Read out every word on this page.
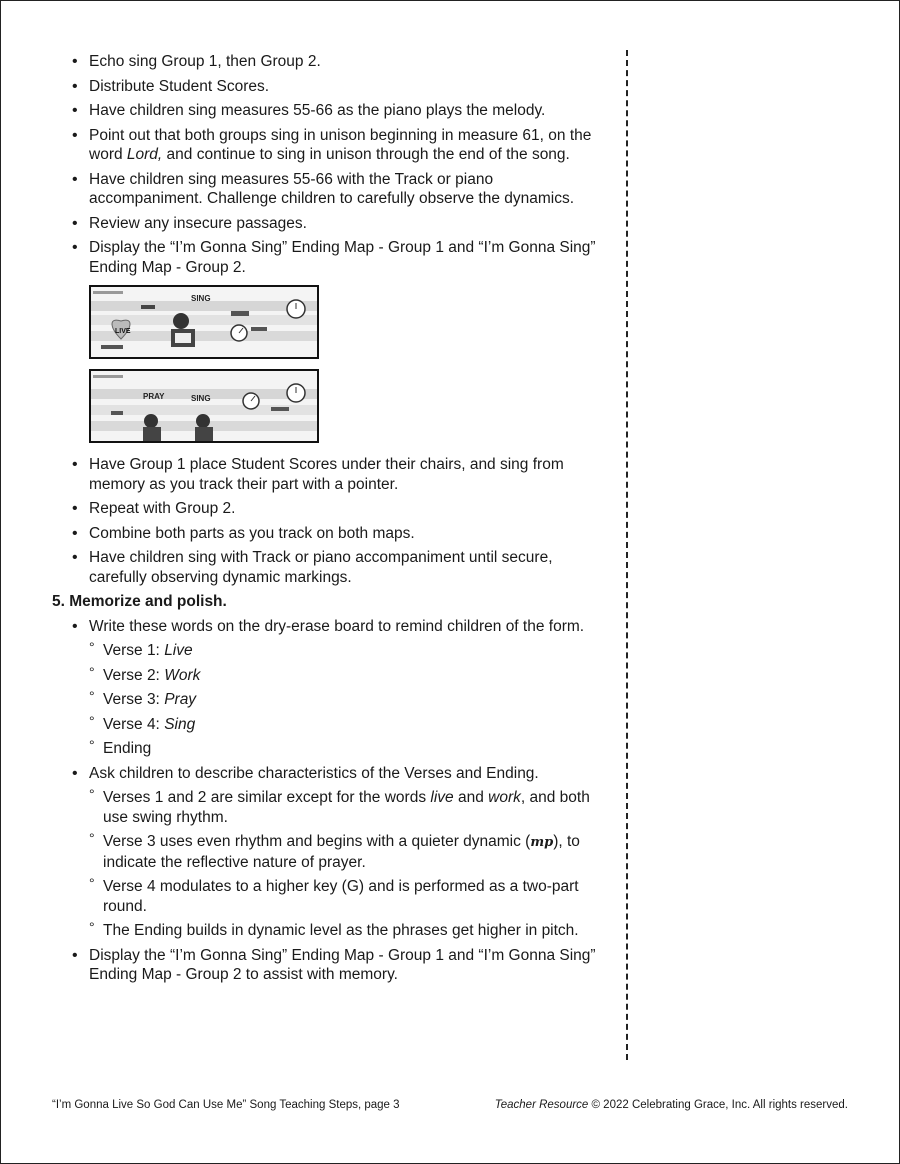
• Echo sing Group 1, then Group 2.
• Distribute Student Scores.
• Have children sing measures 55-66 as the piano plays the melody.
• Point out that both groups sing in unison beginning in measure 61, on the word Lord, and continue to sing in unison through the end of the song.
• Have children sing measures 55-66 with the Track or piano accompaniment. Challenge children to carefully observe the dynamics.
• Review any insecure passages.
• Display the “I’m Gonna Sing” Ending Map - Group 1 and “I’m Gonna Sing” Ending Map - Group 2.
SING
LIVE
PRAY	SING
• Have Group 1 place Student Scores under their chairs, and sing from memory as you track their part with a pointer.
• Repeat with Group 2.
• Combine both parts as you track on both maps.
• Have children sing with Track or piano accompaniment until secure, carefully observing dynamic markings.
5. Memorize and polish.
• Write these words on the dry-erase board to remind children of the form.
° Verse 1: Live
° Verse 2: Work
° Verse 3: Pray
° Verse 4: Sing
° Ending
• Ask children to describe characteristics of the Verses and Ending.
° Verses 1 and 2 are similar except for the words live and work, and both use swing rhythm.
° Verse 3 uses even rhythm and begins with a quieter dynamic (mp), to indicate the reflective nature of prayer.
° Verse 4 modulates to a higher key (G) and is performed as a two-part round.
° The Ending builds in dynamic level as the phrases get higher in pitch.
• Display the “I’m Gonna Sing” Ending Map - Group 1 and “I’m Gonna Sing” Ending Map - Group 2 to assist with memory.
“I’m Gonna Live So God Can Use Me” Song Teaching Steps, page 3	Teacher Resource © 2022 Celebrating Grace, Inc. All rights reserved.
